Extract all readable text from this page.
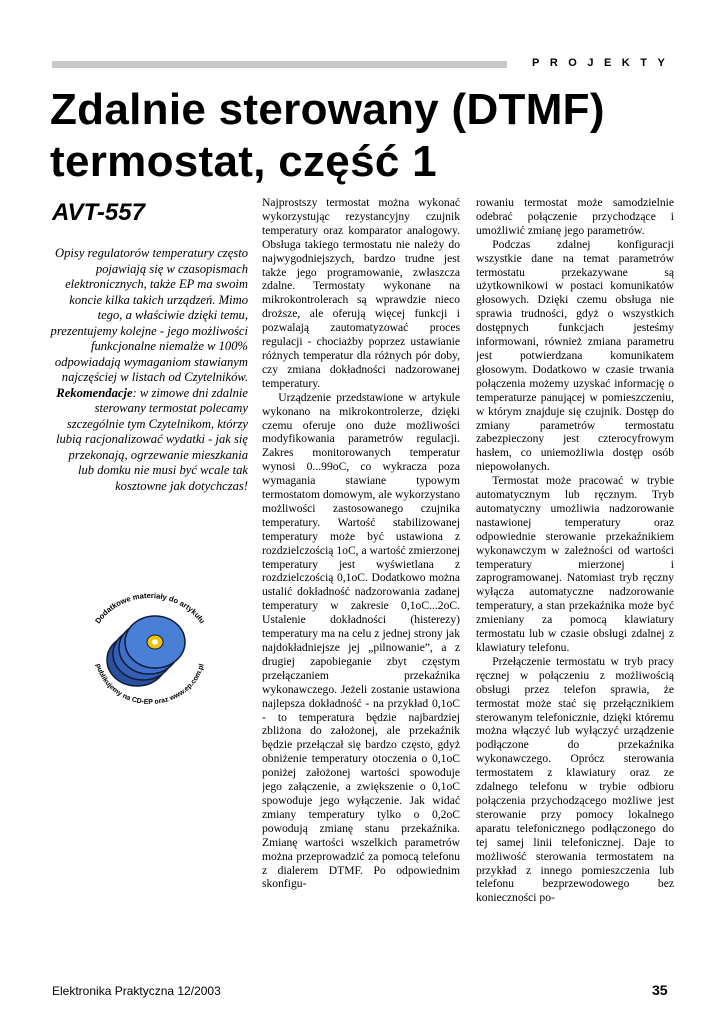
PROJEKTY
Zdalnie sterowany (DTMF) termostat, część 1
AVT-557

Opisy regulatorów temperatury często pojawiają się w czasopismach elektronicznych, także EP ma swoim koncie kilka takich urządzeń. Mimo tego, a właściwie dzięki temu, prezentujemy kolejne - jego możliwości funkcjonalne niemalże w 100% odpowiadają wymaganiom stawianym najczęściej w listach od Czytelników. Rekomendacje: w zimowe dni zdalnie sterowany termostat polecamy szczególnie tym Czytelnikom, którzy lubią racjonalizować wydatki - jak się przekonają, ogrzewanie mieszkania lub domku nie musi być wcale tak kosztowne jak dotychczas!

Dodatkowe materiały do artykułu
publikujemy na CD-EP oraz www.ep.com.pl

Najprostszy termostat można wykonać wykorzystując rezystancyjny czujnik temperatury oraz komparator analogowy. Obsługa takiego termostatu nie należy do najwygodniejszych, bardzo trudne jest także jego programowanie, zwłaszcza zdalne. Termostaty wykonane na mikrokontrolerach są wprawdzie nieco droższe, ale oferują więcej funkcji i pozwalają zautomatyzować proces regulacji - chociażby poprzez ustawianie różnych temperatur dla różnych pór doby, czy zmiana dokładności nadzorowanej temperatury.

Urządzenie przedstawione w artykule wykonano na mikrokontrolerze, dzięki czemu oferuje ono duże możliwości modyfikowania parametrów regulacji. Zakres monitorowanych temperatur wynosi 0...99oC, co wykracza poza wymagania stawiane typowym termostatom domowym, ale wykorzystano możliwości zastosowanego czujnika temperatury. Wartość stabilizowanej temperatury może być ustawiona z rozdzielczością 1oC, a wartość zmierzonej temperatury jest wyświetlana z rozdzielczością 0,1oC. Dodatkowo można ustalić dokładność nadzorowania zadanej temperatury w zakresie 0,1oC...2oC. Ustalenie dokładności (histerezy) temperatury ma na celu z jednej strony jak najdokładniejsze jej „pilnowanie”, a z drugiej zapobieganie zbyt częstym przełączaniem przekaźnika wykonawczego. Jeżeli zostanie ustawiona najlepsza dokładność - na przykład 0,1oC - to temperatura będzie najbardziej zbliżona do założonej, ale przekaźnik będzie przełączał się bardzo często, gdyż obniżenie temperatury otoczenia o 0,1oC poniżej założonej wartości spowoduje jego załączenie, a zwiększenie o 0,1oC spowoduje jego wyłączenie. Jak widać zmiany temperatury tylko o 0,2oC powodują zmianę stanu przekaźnika. Zmianę wartości wszelkich parametrów można przeprowadzić za pomocą telefonu z dialerem DTMF. Po odpowiednim skonfigu-

rowaniu termostat może samodzielnie odebrać połączenie przychodzące i umożliwić zmianę jego parametrów.

Podczas zdalnej konfiguracji wszystkie dane na temat parametrów termostatu przekazywane są użytkownikowi w postaci komunikatów głosowych. Dzięki czemu obsługa nie sprawia trudności, gdyż o wszystkich dostępnych funkcjach jesteśmy informowani, również zmiana parametru jest potwierdzana komunikatem głosowym. Dodatkowo w czasie trwania połączenia możemy uzyskać informację o temperaturze panującej w pomieszczeniu, w którym znajduje się czujnik. Dostęp do zmiany parametrów termostatu zabezpieczony jest czterocyfrowym hasłem, co uniemożliwia dostęp osób niepowołanych.

Termostat może pracować w trybie automatycznym lub ręcznym. Tryb automatyczny umożliwia nadzorowanie nastawionej temperatury oraz odpowiednie sterowanie przekaźnikiem wykonawczym w zależności od wartości temperatury mierzonej i zaprogramowanej. Natomiast tryb ręczny wyłącza automatyczne nadzorowanie temperatury, a stan przekaźnika może być zmieniany za pomocą klawiatury termostatu lub w czasie obsługi zdalnej z klawiatury telefonu.

Przełączenie termostatu w tryb pracy ręcznej w połączeniu z możliwością obsługi przez telefon sprawia, że termostat może stać się przełącznikiem sterowanym telefonicznie, dzięki któremu można włączyć lub wyłączyć urządzenie podłączone do przekaźnika wykonawczego. Oprócz sterowania termostatem z klawiatury oraz ze zdalnego telefonu w trybie odbioru połączenia przychodzącego możliwe jest sterowanie przy pomocy lokalnego aparatu telefonicznego podłączonego do tej samej linii telefonicznej. Daje to możliwość sterowania termostatem na przykład z innego pomieszczenia lub telefonu bezprzewodowego bez konieczności po-

Elektronika Praktyczna 12/2003	35
